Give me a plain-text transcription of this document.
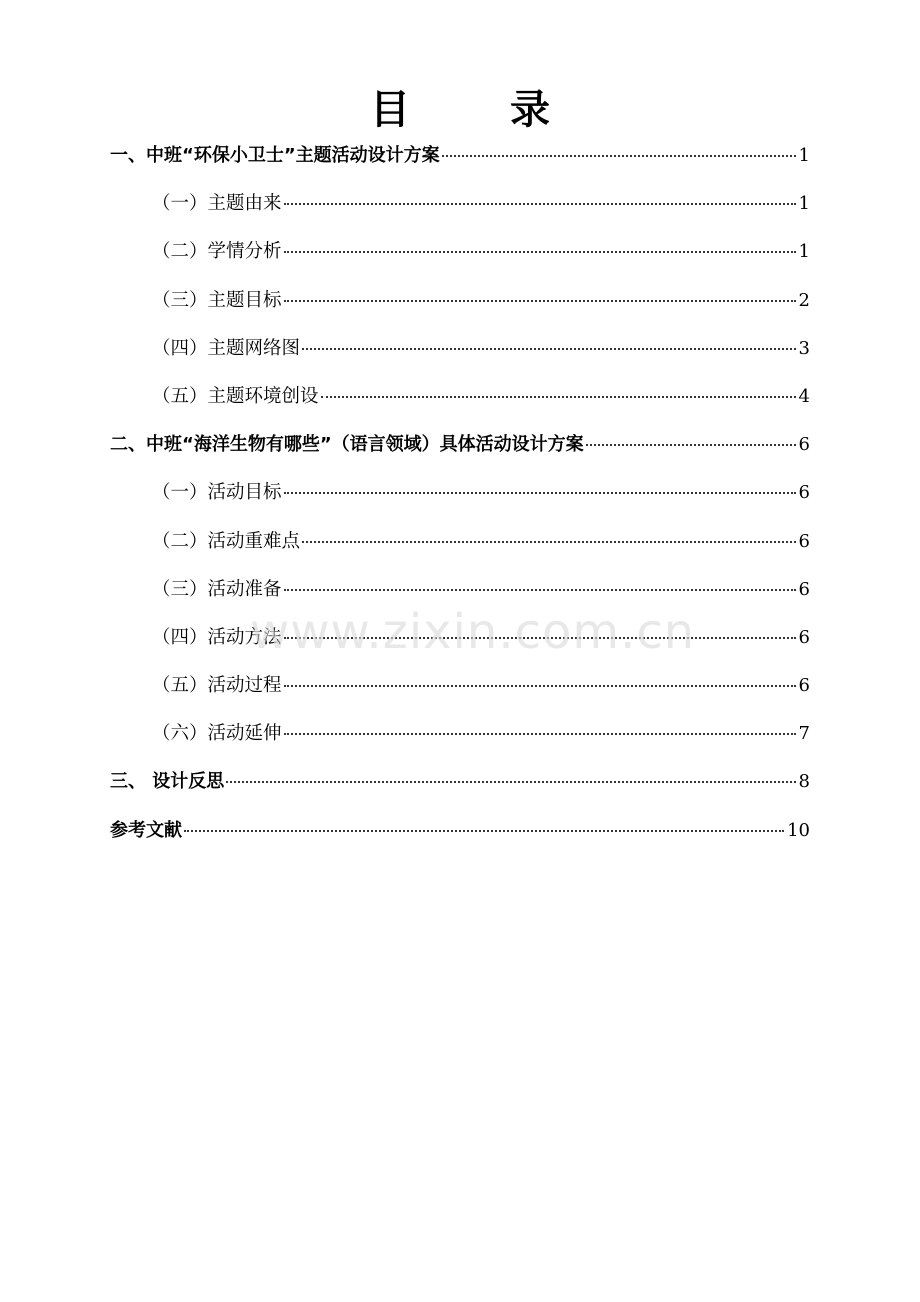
目录
一、中班“环保小卫士”主题活动设计方案	1
（一）主题由来	1
（二）学情分析	1
（三）主题目标	2
（四）主题网络图	3
（五）主题环境创设	4
二、中班“海洋生物有哪些”（语言领域）具体活动设计方案	6
（一）活动目标	6
（二）活动重难点	6
（三）活动准备	6
（四）活动方法	6
（五）活动过程	6
（六）活动延伸	7
三、 设计反思	8
参考文献	10
www.zixin.com.cn
